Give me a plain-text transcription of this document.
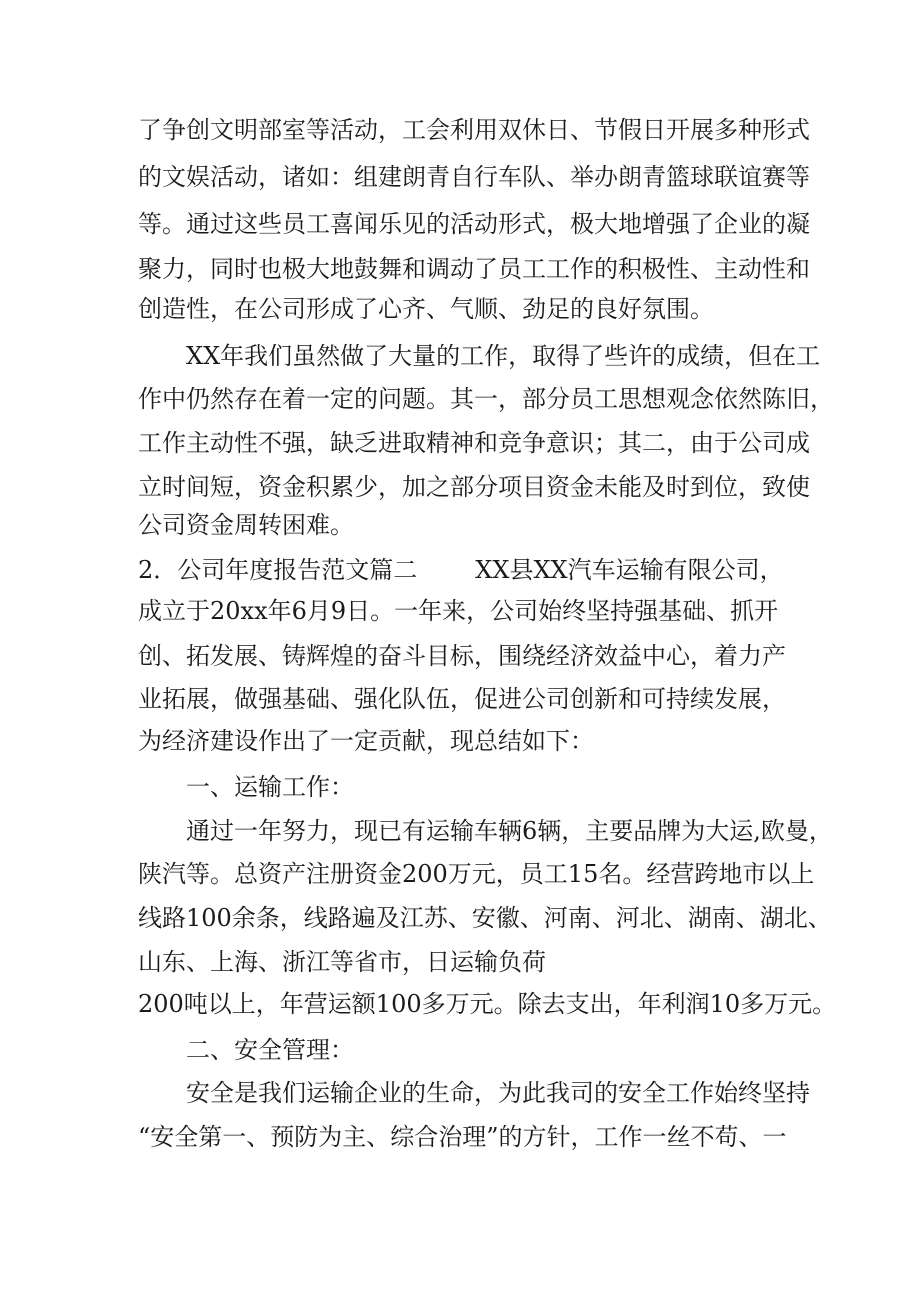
了争创文明部室等活动，工会利用双休日、节假日开展多种形式
的文娱活动，诸如：组建朗青自行车队、举办朗青篮球联谊赛等
等。通过这些员工喜闻乐见的活动形式，极大地增强了企业的凝
聚力，同时也极大地鼓舞和调动了员工工作的积极性、主动性和
创造性，在公司形成了心齐、气顺、劲足的良好氛围。
XX年我们虽然做了大量的工作，取得了些许的成绩，但在工
作中仍然存在着一定的问题。其一，部分员工思想观念依然陈旧，
工作主动性不强，缺乏进取精神和竞争意识；其二，由于公司成
立时间短，资金积累少，加之部分项目资金未能及时到位，致使
公司资金周转困难。
2．公司年度报告范文篇二 XX县XX汽车运输有限公司，
成立于20xx年6月9日。一年来，公司始终坚持强基础、抓开
创、拓发展、铸辉煌的奋斗目标，围绕经济效益中心，着力产
业拓展，做强基础、强化队伍，促进公司创新和可持续发展，
为经济建设作出了一定贡献，现总结如下：
一、运输工作：
通过一年努力，现已有运输车辆6辆，主要品牌为大运,欧曼，
陕汽等。总资产注册资金200万元，员工15名。经营跨地市以上
线路100余条，线路遍及江苏、安徽、河南、河北、湖南、湖北、
山东、上海、浙江等省市，日运输负荷
200吨以上，年营运额100多万元。除去支出，年利润10多万元。
二、安全管理：
安全是我们运输企业的生命，为此我司的安全工作始终坚持
“安全第一、预防为主、综合治理”的方针，工作一丝不苟、一
